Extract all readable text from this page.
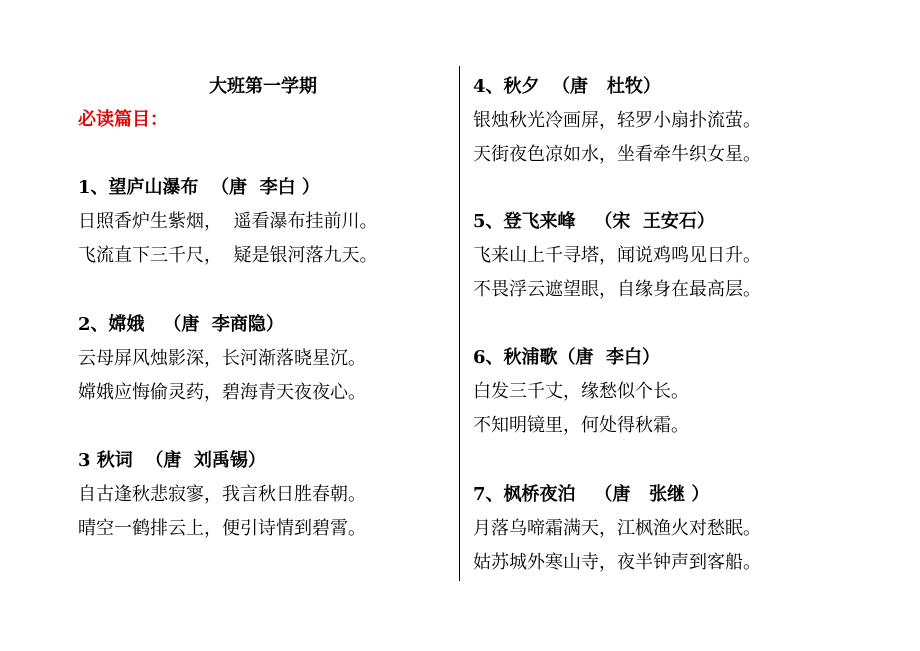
大班第一学期
必读篇目：
1、望庐山瀑布  （唐  李白 ）
日照香炉生紫烟，  遥看瀑布挂前川。
飞流直下三千尺，  疑是银河落九天。
2、嫦娥   （唐  李商隐）
云母屏风烛影深，长河渐落晓星沉。
嫦娥应悔偷灵药，碧海青天夜夜心。
3 秋词  （唐  刘禹锡）
自古逢秋悲寂寥，我言秋日胜春朝。
晴空一鹤排云上，便引诗情到碧霄。
4、秋夕  （唐   杜牧）
银烛秋光冷画屏，轻罗小扇扑流萤。
天街夜色凉如水，坐看牵牛织女星。
5、登飞来峰   （宋  王安石）
飞来山上千寻塔，闻说鸡鸣见日升。
不畏浮云遮望眼，自缘身在最高层。
6、秋浦歌（唐  李白）
白发三千丈，缘愁似个长。
不知明镜里，何处得秋霜。
7、枫桥夜泊   （唐   张继 ）
月落乌啼霜满天，江枫渔火对愁眠。
姑苏城外寒山寺，夜半钟声到客船。
